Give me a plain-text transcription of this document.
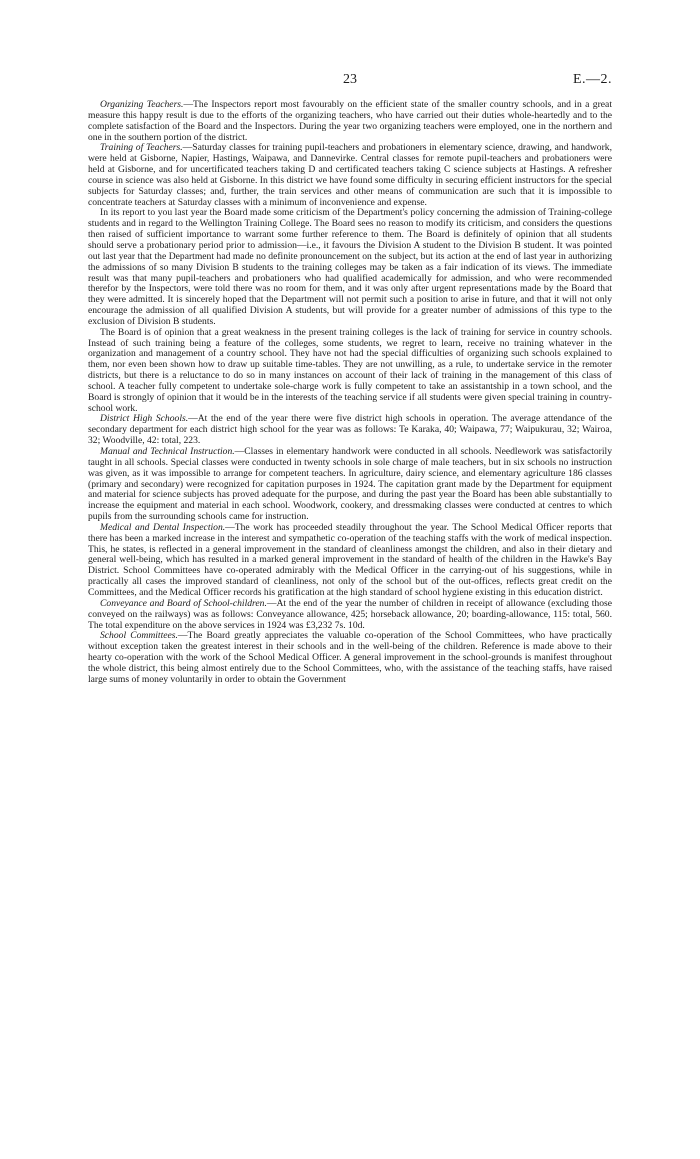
23	E.—2.

Organizing Teachers.—The Inspectors report most favourably on the efficient state of the smaller country schools, and in a great measure this happy result is due to the efforts of the organizing teachers, who have carried out their duties whole-heartedly and to the complete satisfaction of the Board and the Inspectors. During the year two organizing teachers were employed, one in the northern and one in the southern portion of the district.

Training of Teachers.—Saturday classes for training pupil-teachers and probationers in elementary science, drawing, and handwork, were held at Gisborne, Napier, Hastings, Waipawa, and Dannevirke. Central classes for remote pupil-teachers and probationers were held at Gisborne, and for uncertificated teachers taking D and certificated teachers taking C science subjects at Hastings. A refresher course in science was also held at Gisborne. In this district we have found some difficulty in securing efficient instructors for the special subjects for Saturday classes; and, further, the train services and other means of communication are such that it is impossible to concentrate teachers at Saturday classes with a minimum of inconvenience and expense.

In its report to you last year the Board made some criticism of the Department's policy concerning the admission of Training-college students and in regard to the Wellington Training College. The Board sees no reason to modify its criticism, and considers the questions then raised of sufficient importance to warrant some further reference to them. The Board is definitely of opinion that all students should serve a probationary period prior to admission—i.e., it favours the Division A student to the Division B student. It was pointed out last year that the Department had made no definite pronouncement on the subject, but its action at the end of last year in authorizing the admissions of so many Division B students to the training colleges may be taken as a fair indication of its views. The immediate result was that many pupil-teachers and probationers who had qualified academically for admission, and who were recommended therefor by the Inspectors, were told there was no room for them, and it was only after urgent representations made by the Board that they were admitted. It is sincerely hoped that the Department will not permit such a position to arise in future, and that it will not only encourage the admission of all qualified Division A students, but will provide for a greater number of admissions of this type to the exclusion of Division B students.

The Board is of opinion that a great weakness in the present training colleges is the lack of training for service in country schools. Instead of such training being a feature of the colleges, some students, we regret to learn, receive no training whatever in the organization and management of a country school. They have not had the special difficulties of organizing such schools explained to them, nor even been shown how to draw up suitable time-tables. They are not unwilling, as a rule, to undertake service in the remoter districts, but there is a reluctance to do so in many instances on account of their lack of training in the management of this class of school. A teacher fully competent to undertake sole-charge work is fully competent to take an assistantship in a town school, and the Board is strongly of opinion that it would be in the interests of the teaching service if all students were given special training in country-school work.

District High Schools.—At the end of the year there were five district high schools in operation. The average attendance of the secondary department for each district high school for the year was as follows: Te Karaka, 40; Waipawa, 77; Waipukurau, 32; Wairoa, 32; Woodville, 42: total, 223.

Manual and Technical Instruction.—Classes in elementary handwork were conducted in all schools. Needlework was satisfactorily taught in all schools. Special classes were conducted in twenty schools in sole charge of male teachers, but in six schools no instruction was given, as it was impossible to arrange for competent teachers. In agriculture, dairy science, and elementary agriculture 186 classes (primary and secondary) were recognized for capitation purposes in 1924. The capitation grant made by the Department for equipment and material for science subjects has proved adequate for the purpose, and during the past year the Board has been able substantially to increase the equipment and material in each school. Woodwork, cookery, and dressmaking classes were conducted at centres to which pupils from the surrounding schools came for instruction.

Medical and Dental Inspection.—The work has proceeded steadily throughout the year. The School Medical Officer reports that there has been a marked increase in the interest and sympathetic co-operation of the teaching staffs with the work of medical inspection. This, he states, is reflected in a general improvement in the standard of cleanliness amongst the children, and also in their dietary and general well-being, which has resulted in a marked general improvement in the standard of health of the children in the Hawke's Bay District. School Committees have co-operated admirably with the Medical Officer in the carrying-out of his suggestions, while in practically all cases the improved standard of cleanliness, not only of the school but of the out-offices, reflects great credit on the Committees, and the Medical Officer records his gratification at the high standard of school hygiene existing in this education district.

Conveyance and Board of School-children.—At the end of the year the number of children in receipt of allowance (excluding those conveyed on the railways) was as follows: Conveyance allowance, 425; horseback allowance, 20; boarding-allowance, 115: total, 560. The total expenditure on the above services in 1924 was £3,232 7s. 10d.

School Committees.—The Board greatly appreciates the valuable co-operation of the School Committees, who have practically without exception taken the greatest interest in their schools and in the well-being of the children. Reference is made above to their hearty co-operation with the work of the School Medical Officer. A general improvement in the school-grounds is manifest throughout the whole district, this being almost entirely due to the School Committees, who, with the assistance of the teaching staffs, have raised large sums of money voluntarily in order to obtain the Government
